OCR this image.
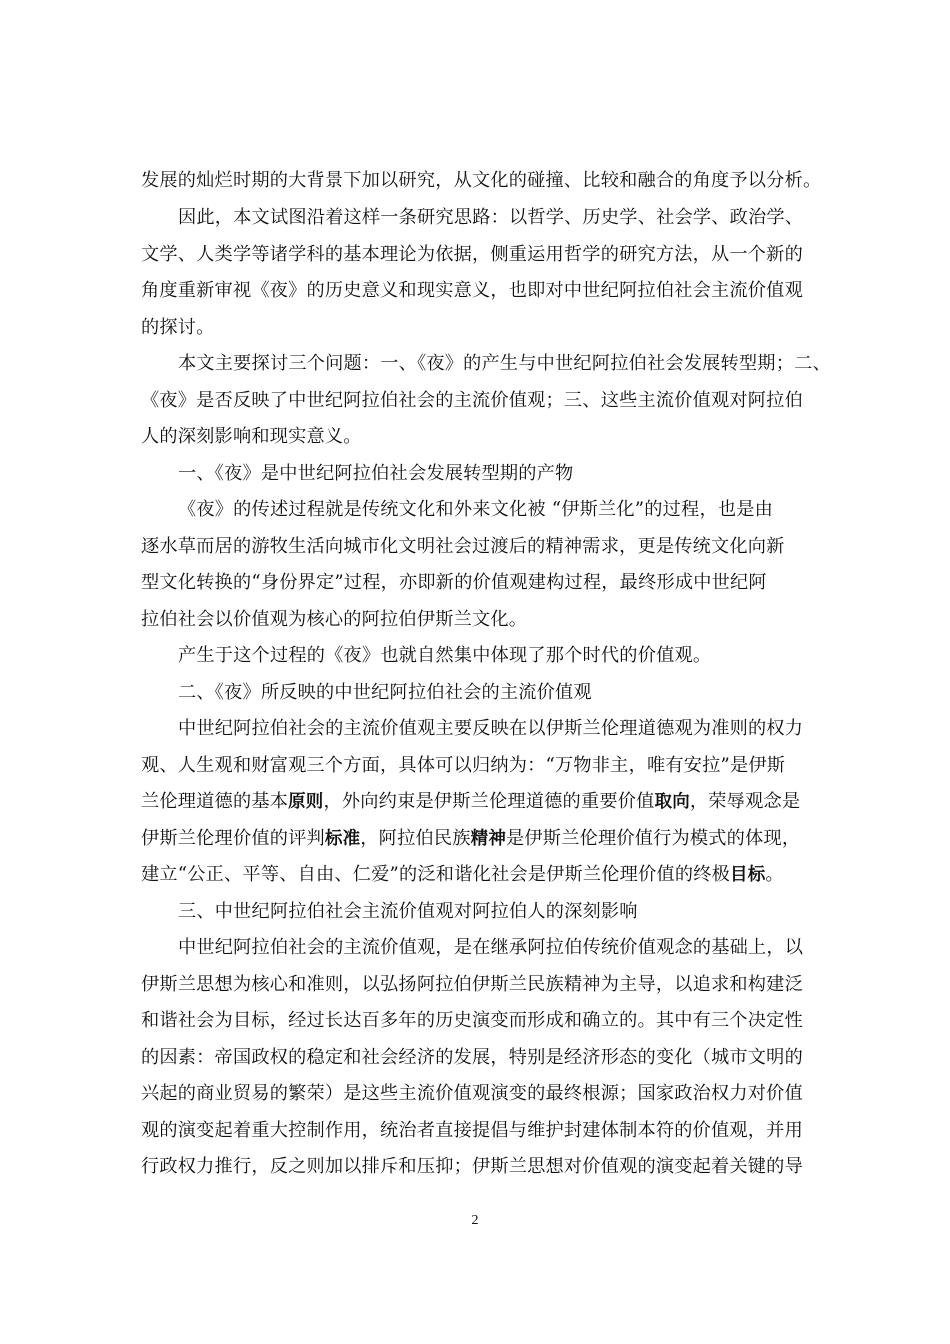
发展的灿烂时期的大背景下加以研究，从文化的碰撞、比较和融合的角度予以分析。
因此，本文试图沿着这样一条研究思路：以哲学、历史学、社会学、政治学、
文学、人类学等诸学科的基本理论为依据，侧重运用哲学的研究方法，从一个新的
角度重新审视《夜》的历史意义和现实意义，也即对中世纪阿拉伯社会主流价值观
的探讨。
本文主要探讨三个问题：一、《夜》的产生与中世纪阿拉伯社会发展转型期；二、
《夜》是否反映了中世纪阿拉伯社会的主流价值观；三、这些主流价值观对阿拉伯
人的深刻影响和现实意义。
一、《夜》是中世纪阿拉伯社会发展转型期的产物
《夜》的传述过程就是传统文化和外来文化被 “伊斯兰化”的过程，也是由
逐水草而居的游牧生活向城市化文明社会过渡后的精神需求，更是传统文化向新
型文化转换的“身份界定”过程，亦即新的价值观建构过程，最终形成中世纪阿
拉伯社会以价值观为核心的阿拉伯伊斯兰文化。
产生于这个过程的《夜》也就自然集中体现了那个时代的价值观。
二、《夜》所反映的中世纪阿拉伯社会的主流价值观
中世纪阿拉伯社会的主流价值观主要反映在以伊斯兰伦理道德观为准则的权力
观、人生观和财富观三个方面，具体可以归纳为：“万物非主，唯有安拉”是伊斯
兰伦理道德的基本原则，外向约束是伊斯兰伦理道德的重要价值取向，荣辱观念是
伊斯兰伦理价值的评判标准，阿拉伯民族精神是伊斯兰伦理价值行为模式的体现，
建立“公正、平等、自由、仁爱”的泛和谐化社会是伊斯兰伦理价值的终极目标。
三、中世纪阿拉伯社会主流价值观对阿拉伯人的深刻影响
中世纪阿拉伯社会的主流价值观，是在继承阿拉伯传统价值观念的基础上，以
伊斯兰思想为核心和准则，以弘扬阿拉伯伊斯兰民族精神为主导，以追求和构建泛
和谐社会为目标，经过长达百多年的历史演变而形成和确立的。其中有三个决定性
的因素：帝国政权的稳定和社会经济的发展，特别是经济形态的变化（城市文明的
兴起的商业贸易的繁荣）是这些主流价值观演变的最终根源；国家政治权力对价值
观的演变起着重大控制作用，统治者直接提倡与维护封建体制本符的价值观，并用
行政权力推行，反之则加以排斥和压抑；伊斯兰思想对价值观的演变起着关键的导
2
